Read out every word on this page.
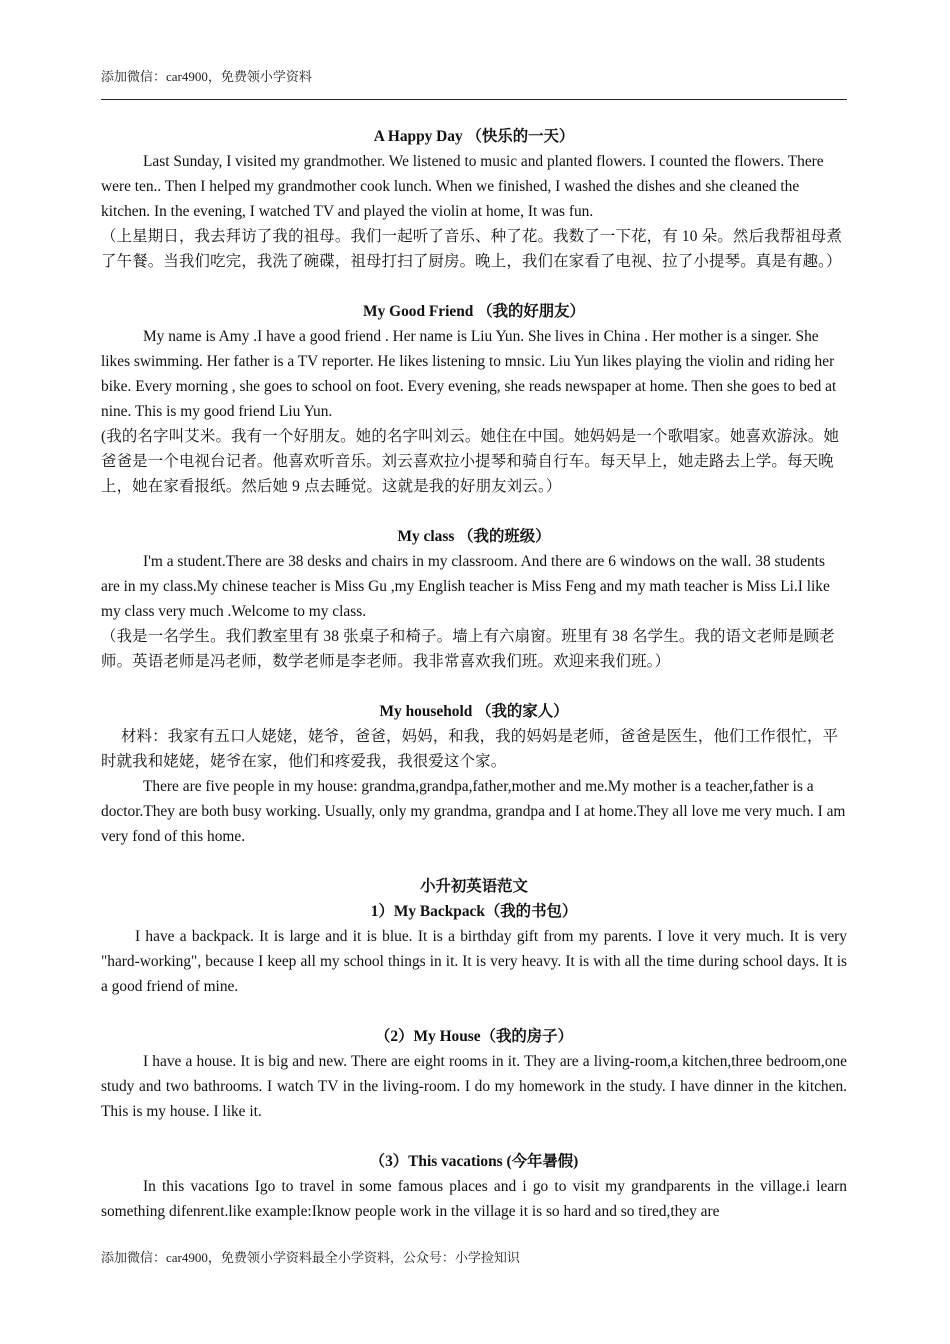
添加微信：car4900，免费领小学资料

A Happy Day （快乐的一天）

Last Sunday, I visited my grandmother. We listened to music and planted flowers. I counted the flowers. There were ten.. Then I helped my grandmother cook lunch. When we finished, I washed the dishes and she cleaned the kitchen. In the evening, I watched TV and played the violin at home, It was fun.

（上星期日，我去拜访了我的祖母。我们一起听了音乐、种了花。我数了一下花，有 10 朵。然后我帮祖母煮了午餐。当我们吃完，我洗了碗碟，祖母打扫了厨房。晚上，我们在家看了电视、拉了小提琴。真是有趣。）

My Good Friend （我的好朋友）

My name is Amy .I have a good friend . Her name is Liu Yun. She lives in China . Her mother is a singer. She likes swimming. Her father is a TV reporter. He likes listening to mnsic. Liu Yun likes playing the violin and riding her bike. Every morning , she goes to school on foot. Every evening, she reads newspaper at home. Then she goes to bed at nine. This is my good friend Liu Yun.

(我的名字叫艾米。我有一个好朋友。她的名字叫刘云。她住在中国。她妈妈是一个歌唱家。她喜欢游泳。她爸爸是一个电视台记者。他喜欢听音乐。刘云喜欢拉小提琴和骑自行车。每天早上，她走路去上学。每天晚上，她在家看报纸。然后她 9 点去睡觉。这就是我的好朋友刘云。）

My class （我的班级）

I'm a student.There are 38 desks and chairs in my classroom. And there are 6 windows on the wall. 38 students are in my class.My chinese teacher is Miss Gu ,my English teacher is Miss Feng and my math teacher is Miss Li.I like my class very much .Welcome to my class.

（我是一名学生。我们教室里有 38 张桌子和椅子。墙上有六扇窗。班里有 38 名学生。我的语文老师是顾老师。英语老师是冯老师，数学老师是李老师。我非常喜欢我们班。欢迎来我们班。）

My household （我的家人）

材料：我家有五口人姥姥，姥爷，爸爸，妈妈，和我，我的妈妈是老师，爸爸是医生，他们工作很忙，平时就我和姥姥，姥爷在家，他们和疼爱我，我很爱这个家。

There are five people in my house: grandma,grandpa,father,mother and me.My mother is a teacher,father is a doctor.They are both busy working. Usually, only my grandma, grandpa and I at home.They all love me very much. I am very fond of this home.

小升初英语范文

1）My Backpack（我的书包）

I have a backpack. It is large and it is blue. It is a birthday gift from my parents. I love it very much. It is very "hard-working", because I keep all my school things in it. It is very heavy. It is with all the time during school days. It is a good friend of mine.

（2）My House（我的房子）

I have a house. It is big and new. There are eight rooms in it. They are a living-room,a kitchen,three bedroom,one study and two bathrooms. I watch TV in the living-room. I do my homework in the study. I have dinner in the kitchen. This is my house. I like it.

（3）This vacations (今年暑假)

In this vacations Igo to travel in some famous places and i go to visit my grandparents in the village.i learn something difenrent.like example:Iknow people work in the village it is so hard and so tired,they are

添加微信：car4900，免费领小学资料最全小学资料，公众号：小学捡知识
